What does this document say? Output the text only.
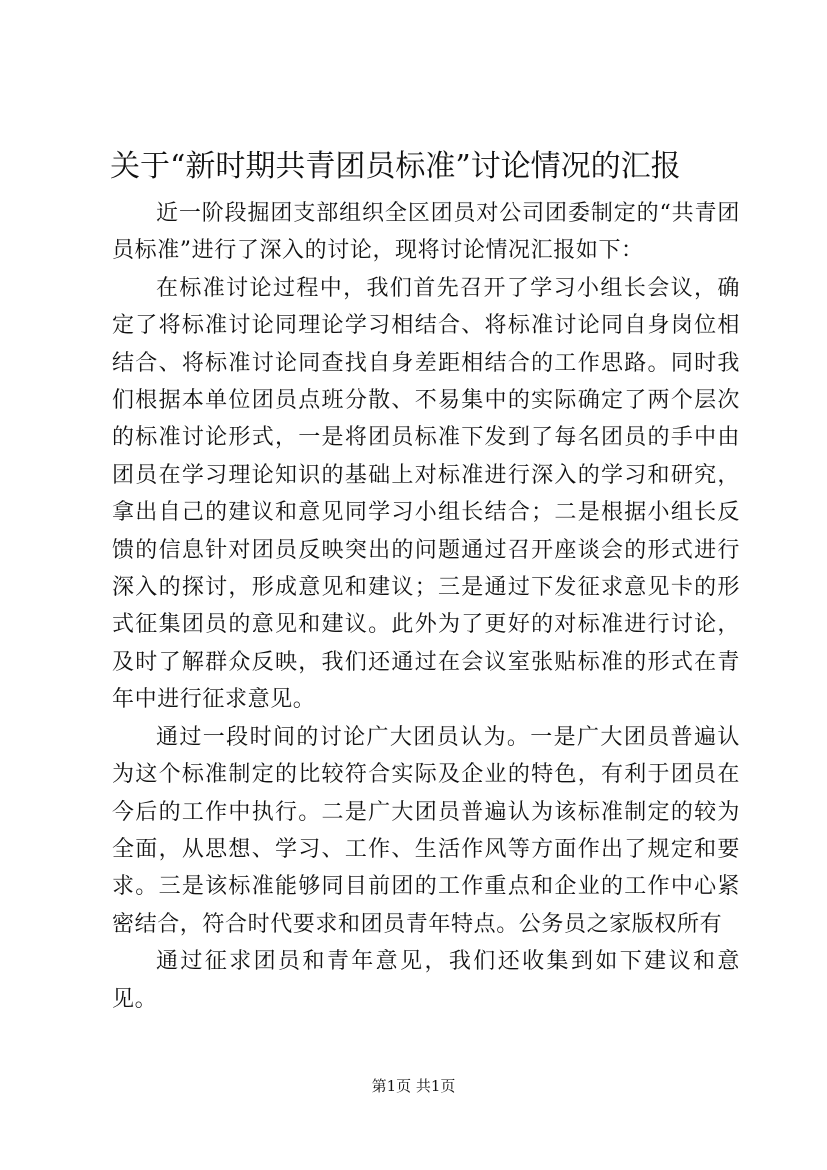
关于“新时期共青团员标准”讨论情况的汇报

近一阶段掘团支部组织全区团员对公司团委制定的“共青团员标准”进行了深入的讨论，现将讨论情况汇报如下：

在标准讨论过程中，我们首先召开了学习小组长会议，确定了将标准讨论同理论学习相结合、将标准讨论同自身岗位相结合、将标准讨论同查找自身差距相结合的工作思路。同时我们根据本单位团员点班分散、不易集中的实际确定了两个层次的标准讨论形式，一是将团员标准下发到了每名团员的手中由团员在学习理论知识的基础上对标准进行深入的学习和研究，拿出自己的建议和意见同学习小组长结合；二是根据小组长反馈的信息针对团员反映突出的问题通过召开座谈会的形式进行深入的探讨，形成意见和建议；三是通过下发征求意见卡的形式征集团员的意见和建议。此外为了更好的对标准进行讨论，及时了解群众反映，我们还通过在会议室张贴标准的形式在青年中进行征求意见。

通过一段时间的讨论广大团员认为。一是广大团员普遍认为这个标准制定的比较符合实际及企业的特色，有利于团员在今后的工作中执行。二是广大团员普遍认为该标准制定的较为全面，从思想、学习、工作、生活作风等方面作出了规定和要求。三是该标准能够同目前团的工作重点和企业的工作中心紧密结合，符合时代要求和团员青年特点。公务员之家版权所有

通过征求团员和青年意见，我们还收集到如下建议和意见。

第1页 共1页
